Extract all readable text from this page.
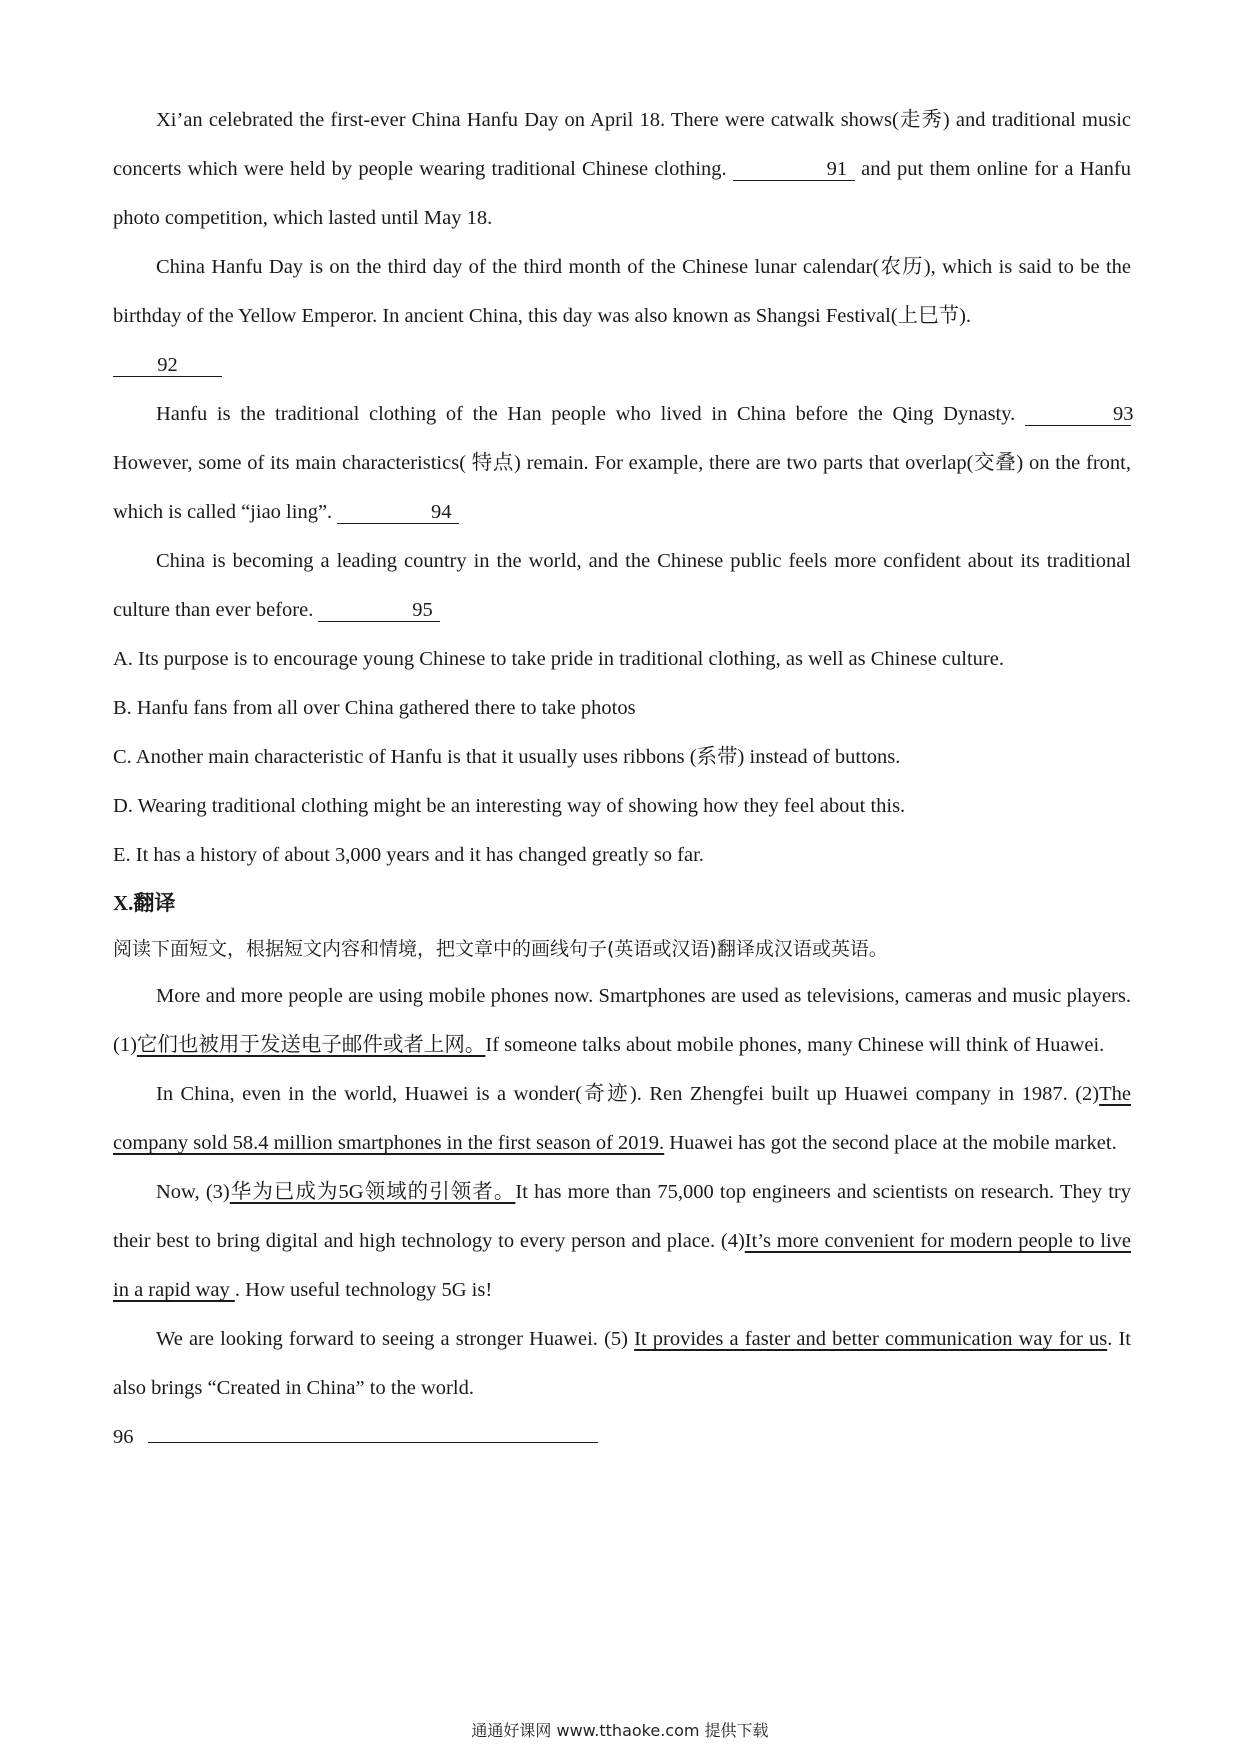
Xi’an celebrated the first-ever China Hanfu Day on April 18. There were catwalk shows(走秀) and traditional music concerts which were held by people wearing traditional Chinese clothing.	91 and put them online for a Hanfu photo competition, which lasted until May 18.

China Hanfu Day is on the third day of the third month of the Chinese lunar calendar(农历), which is said to be the birthday of the Yellow Emperor. In ancient China, this day was also known as Shangsi Festival(上巳节).

92

Hanfu is the traditional clothing of the Han people who lived in China before the Qing Dynasty.	93 However, some of its main characteristics( 特点) remain. For example, there are two parts that overlap(交叠) on the front, which is called “jiao ling”.	94

China is becoming a leading country in the world, and the Chinese public feels more confident about its traditional culture than ever before.	95

A. Its purpose is to encourage young Chinese to take pride in traditional clothing, as well as Chinese culture.

B. Hanfu fans from all over China gathered there to take photos

C. Another main characteristic of Hanfu is that it usually uses ribbons (系带) instead of buttons.

D. Wearing traditional clothing might be an interesting way of showing how they feel about this.

E. It has a history of about 3,000 years and it has changed greatly so far.

X.翻译

阅读下面短文，根据短文内容和情境，把文章中的画线句子(英语或汉语)翻译成汉语或英语。

More and more people are using mobile phones now. Smartphones are used as televisions, cameras and music players. (1)它们也被用于发送电子邮件或者上网。If someone talks about mobile phones, many Chinese will think of Huawei.

In China, even in the world, Huawei is a wonder(奇迹). Ren Zhengfei built up Huawei company in 1987. (2)The company sold 58.4 million smartphones in the first season of 2019. Huawei has got the second place at the mobile market.

Now, (3)华为已成为5G领域的引领者。It has more than 75,000 top engineers and scientists on research. They try their best to bring digital and high technology to every person and place. (4)It’s more convenient for modern people to live in a rapid way . How useful technology 5G is!

We are looking forward to seeing a stronger Huawei. (5) It provides a faster and better communication way for us. It also brings “Created in China” to the world.

96

通通好课网 www.tthaoke.com 提供下载
